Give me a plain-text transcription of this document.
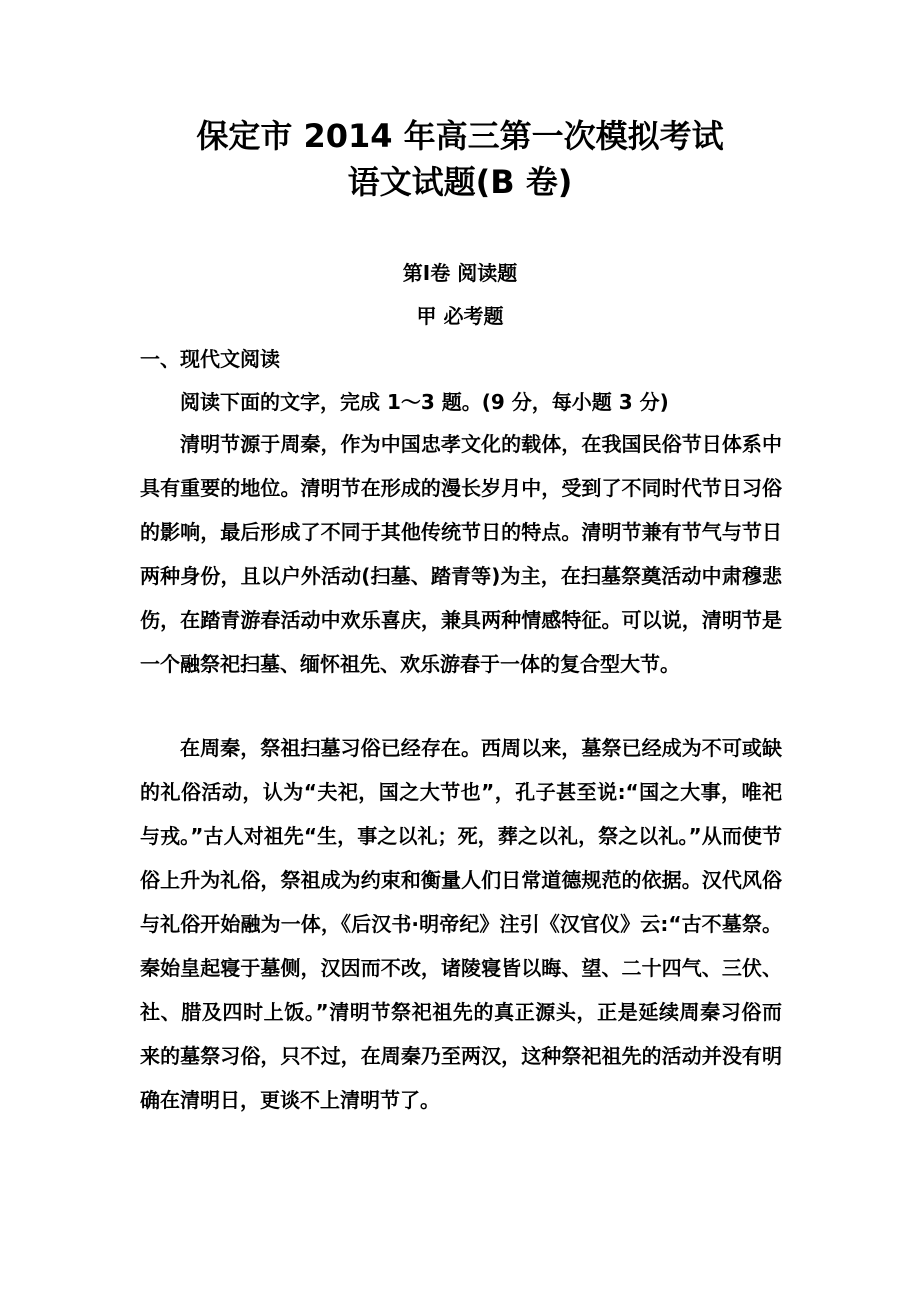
保定市 2014 年高三第一次模拟考试
语文试题(B 卷)
第Ⅰ卷 阅读题
甲 必考题
一、现代文阅读

阅读下面的文字，完成 1～3 题。(9 分，每小题 3 分)

清明节源于周秦，作为中国忠孝文化的载体，在我国民俗节日体系中具有重要的地位。清明节在形成的漫长岁月中，受到了不同时代节日习俗的影响，最后形成了不同于其他传统节日的特点。清明节兼有节气与节日两种身份，且以户外活动(扫墓、踏青等)为主，在扫墓祭奠活动中肃穆悲伤，在踏青游春活动中欢乐喜庆，兼具两种情感特征。可以说，清明节是一个融祭祀扫墓、缅怀祖先、欢乐游春于一体的复合型大节。

在周秦，祭祖扫墓习俗已经存在。西周以来，墓祭已经成为不可或缺的礼俗活动，认为“夫祀，国之大节也”，孔子甚至说:“国之大事，唯祀与戎。”古人对祖先“生，事之以礼；死，葬之以礼，祭之以礼。”从而使节俗上升为礼俗，祭祖成为约束和衡量人们日常道德规范的依据。汉代风俗与礼俗开始融为一体，《后汉书·明帝纪》注引《汉官仪》云:“古不墓祭。秦始皇起寝于墓侧，汉因而不改，诸陵寝皆以晦、望、二十四气、三伏、社、腊及四时上饭。”清明节祭祀祖先的真正源头，正是延续周秦习俗而来的墓祭习俗，只不过，在周秦乃至两汉，这种祭祀祖先的活动并没有明确在清明日，更谈不上清明节了。
